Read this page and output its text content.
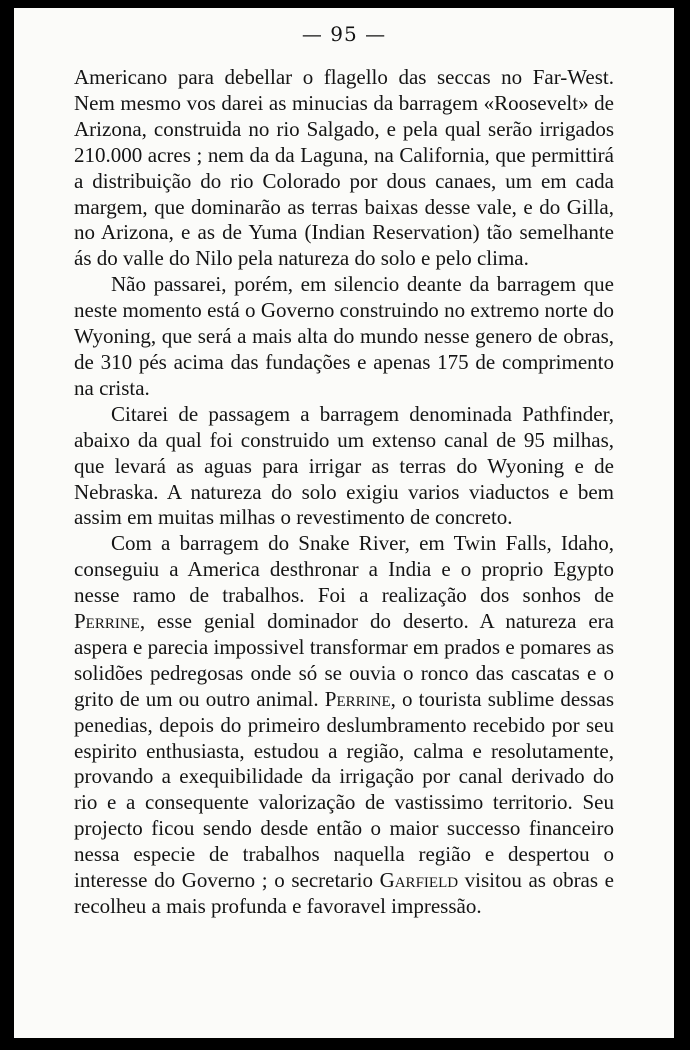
— 95 —

Americano para debellar o flagello das seccas no Far-West. Nem mesmo vos darei as minucias da barragem «Roosevelt» de Arizona, construida no rio Salgado, e pela qual serão irrigados 210.000 acres ; nem da da Laguna, na California, que permittirá a distribuição do rio Colorado por dous canaes, um em cada margem, que dominarão as terras baixas desse vale, e do Gilla, no Arizona, e as de Yuma (Indian Reservation) tão semelhante ás do valle do Nilo pela natureza do solo e pelo clima.

Não passarei, porém, em silencio deante da barragem que neste momento está o Governo construindo no extremo norte do Wyoning, que será a mais alta do mundo nesse genero de obras, de 310 pés acima das fundações e apenas 175 de comprimento na crista.

Citarei de passagem a barragem denominada Pathfinder, abaixo da qual foi construido um extenso canal de 95 milhas, que levará as aguas para irrigar as terras do Wyoning e de Nebraska. A natureza do solo exigiu varios viaductos e bem assim em muitas milhas o revestimento de concreto.

Com a barragem do Snake River, em Twin Falls, Idaho, conseguiu a America desthronar a India e o proprio Egypto nesse ramo de trabalhos. Foi a realização dos sonhos de Perrine, esse genial dominador do deserto. A natureza era aspera e parecia impossivel transformar em prados e pomares as solidões pedregosas onde só se ouvia o ronco das cascatas e o grito de um ou outro animal. Perrine, o tourista sublime dessas penedias, depois do primeiro deslumbramento recebido por seu espirito enthusiasta, estudou a região, calma e resolutamente, provando a exequibilidade da irrigação por canal derivado do rio e a consequente valorização de vastissimo territorio. Seu projecto ficou sendo desde então o maior successo financeiro nessa especie de trabalhos naquella região e despertou o interesse do Governo ; o secretario Garfield visitou as obras e recolheu a mais profunda e favoravel impressão.
